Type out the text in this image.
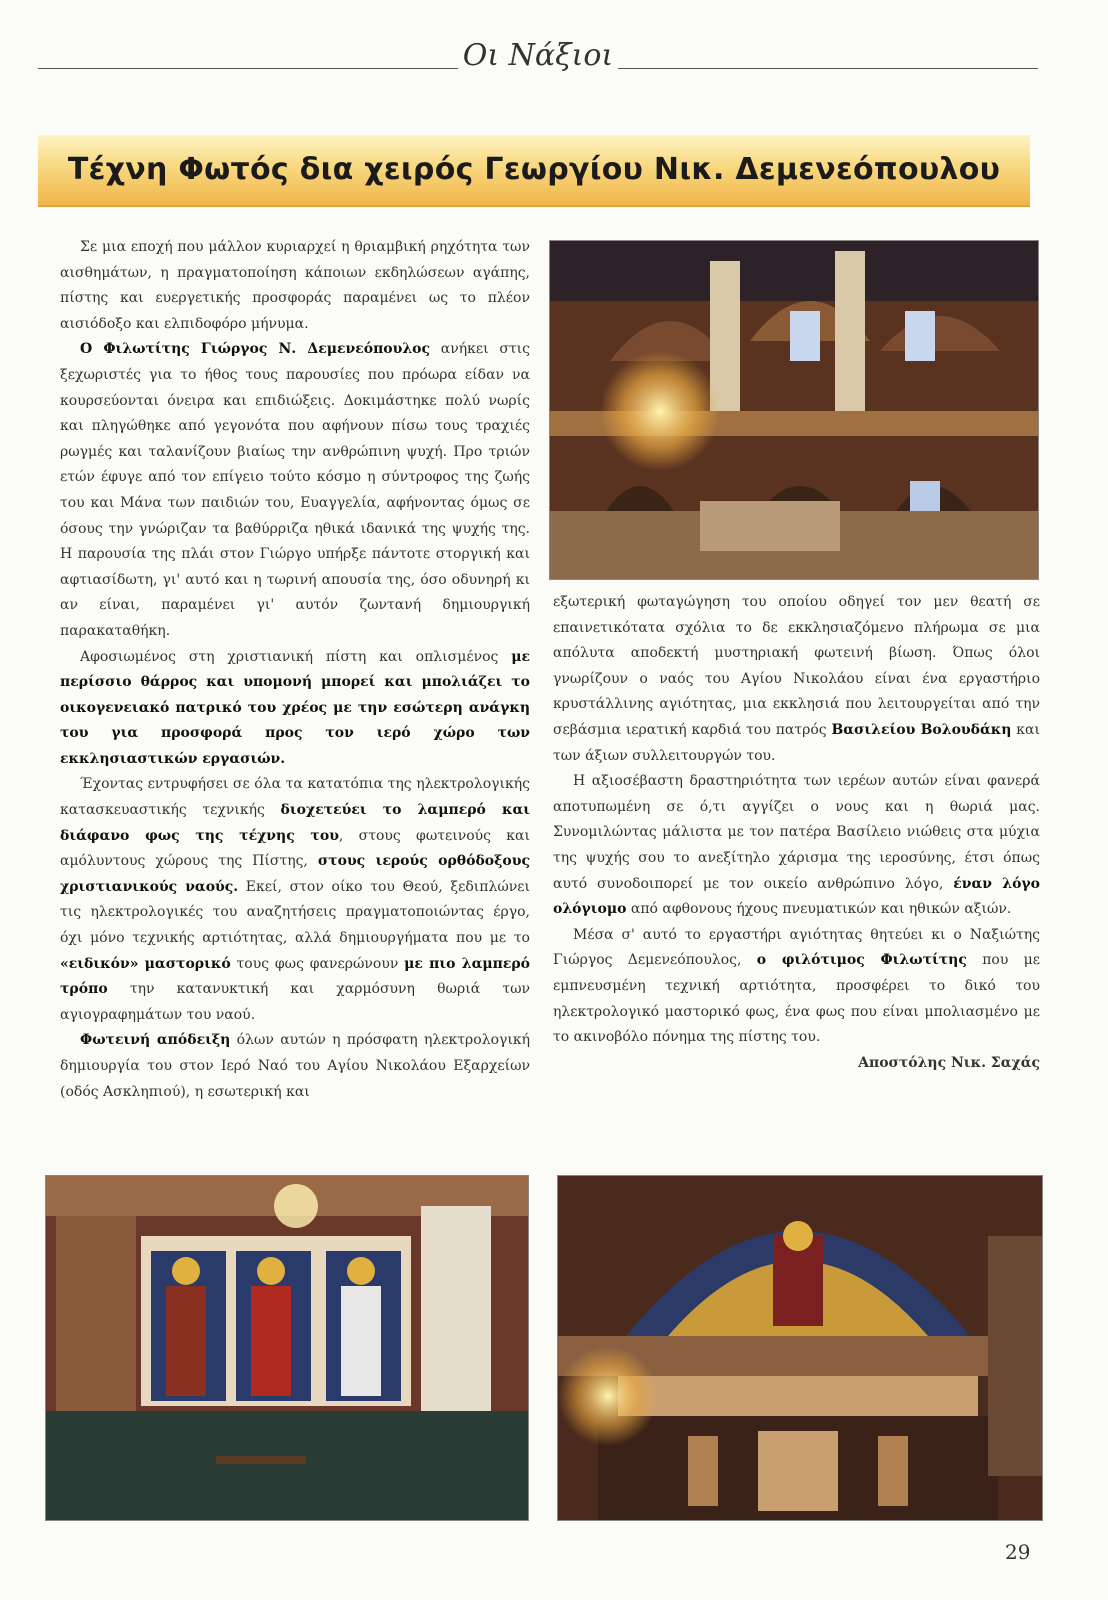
Οι Νάξιοι
Τέχνη Φωτός δια χειρός Γεωργίου Νικ. Δεμενεόπουλου

Σε μια εποχή που μάλλον κυριαρχεί η θριαμβική ρηχότητα των αισθημάτων, η πραγματοποίηση κάποιων εκδηλώσεων αγάπης, πίστης και ευεργετικής προσφοράς παραμένει ως το πλέον αισιόδοξο και ελπιδοφόρο μήνυμα.

Ο Φιλωτίτης Γιώργος Ν. Δεμενεόπουλος ανήκει στις ξεχωριστές για το ήθος τους παρουσίες που πρόωρα είδαν να κουρσεύονται όνειρα και επιδιώξεις. Δοκιμάστηκε πολύ νωρίς και πληγώθηκε από γεγονότα που αφήνουν πίσω τους τραχιές ρωγμές και ταλανίζουν βιαίως την ανθρώπινη ψυχή. Προ τριών ετών έφυγε από τον επίγειο τούτο κόσμο η σύντροφος της ζωής του και Μάνα των παιδιών του, Ευαγγελία, αφήνοντας όμως σε όσους την γνώριζαν τα βαθύρριζα ηθικά ιδανικά της ψυχής της. Η παρουσία της πλάι στον Γιώργο υπήρξε πάντοτε στοργική και αφτιασίδωτη, γι' αυτό και η τωρινή απουσία της, όσο οδυνηρή κι αν είναι, παραμένει γι' αυτόν ζωντανή δημιουργική παρακαταθήκη.

Αφοσιωμένος στη χριστιανική πίστη και οπλισμένος με περίσσιο θάρρος και υπομονή μπορεί και μπολιάζει το οικογενειακό πατρικό του χρέος με την εσώτερη ανάγκη του για προσφορά προς τον ιερό χώρο των εκκλησιαστικών εργασιών.

Έχοντας εντρυφήσει σε όλα τα κατατόπια της ηλεκτρολογικής κατασκευαστικής τεχνικής διοχετεύει το λαμπερό και διάφανο φως της τέχνης του, στους φωτεινούς και αμόλυντους χώρους της Πίστης, στους ιερούς ορθόδοξους χριστιανικούς ναούς. Εκεί, στον οίκο του Θεού, ξεδιπλώνει τις ηλεκτρολογικές του αναζητήσεις πραγματοποιώντας έργο, όχι μόνο τεχνικής αρτιότητας, αλλά δημιουργήματα που με το «ειδικόν» μαστορικό τους φως φανερώνουν με πιο λαμπερό τρόπο την κατανυκτική και χαρμόσυνη θωριά των αγιογραφημάτων του ναού.

Φωτεινή απόδειξη όλων αυτών η πρόσφατη ηλεκτρολογική δημιουργία του στον Ιερό Ναό του Αγίου Νικολάου Εξαρχείων (οδός Ασκληπιού), η εσωτερική και

εξωτερική φωταγώγηση του οποίου οδηγεί τον μεν θεατή σε επαινετικότατα σχόλια το δε εκκλησιαζόμενο πλήρωμα σε μια απόλυτα αποδεκτή μυστηριακή φωτεινή βίωση. Όπως όλοι γνωρίζουν ο ναός του Αγίου Νικολάου είναι ένα εργαστήριο κρυστάλλινης αγιότητας, μια εκκλησιά που λειτουργείται από την σεβάσμια ιερατική καρδιά του πατρός Βασιλείου Βολουδάκη και των άξιων συλλειτουργών του.

Η αξιοσέβαστη δραστηριότητα των ιερέων αυτών είναι φανερά αποτυπωμένη σε ό,τι αγγίζει ο νους και η θωριά μας. Συνομιλώντας μάλιστα με τον πατέρα Βασίλειο νιώθεις στα μύχια της ψυχής σου το ανεξίτηλο χάρισμα της ιεροσύνης, έτσι όπως αυτό συνοδοιπορεί με τον οικείο ανθρώπινο λόγο, έναν λόγο ολόγιομο από αφθονους ήχους πνευματικών και ηθικών αξιών.

Μέσα σ' αυτό το εργαστήρι αγιότητας θητεύει κι ο Ναξιώτης Γιώργος Δεμενεόπουλος, ο φιλότιμος Φιλωτίτης που με εμπνευσμένη τεχνική αρτιότητα, προσφέρει το δικό του ηλεκτρολογικό μαστορικό φως, ένα φως που είναι μπολιασμένο με το ακινοβόλο πόνημα της πίστης του.

Αποστόλης Νικ. Σαχάς

29
